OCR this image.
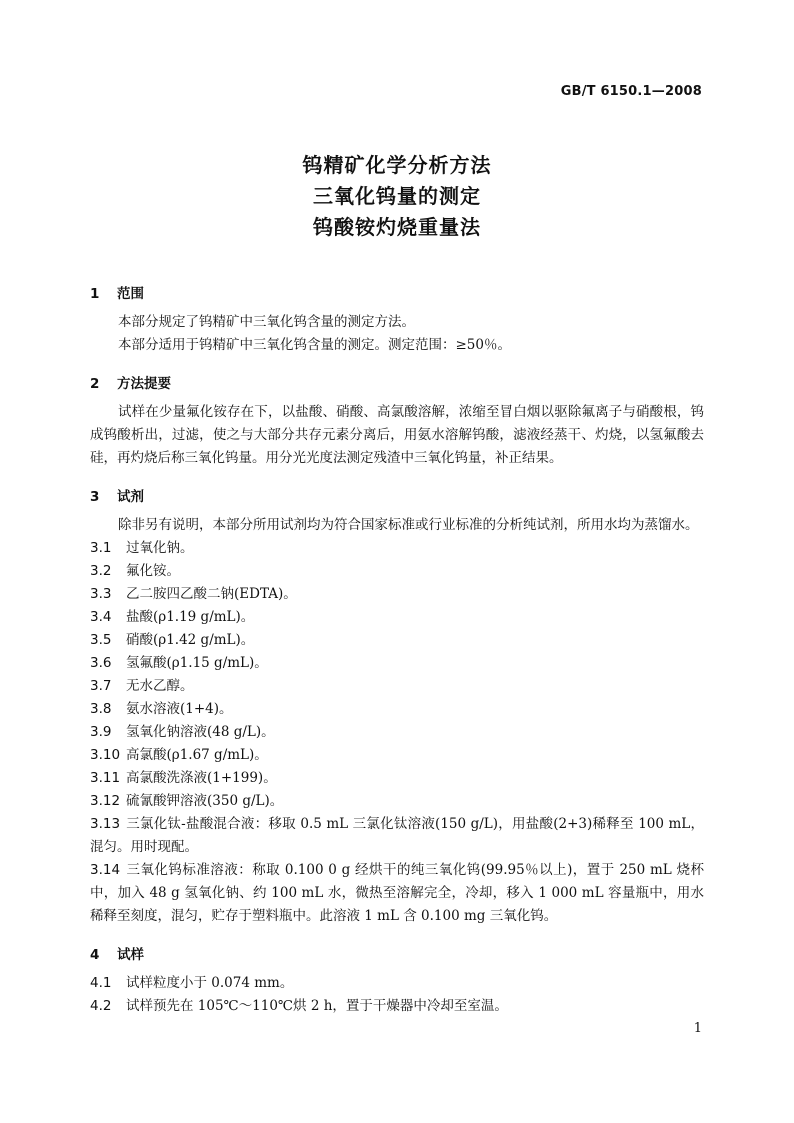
GB/T 6150.1—2008
钨精矿化学分析方法
三氧化钨量的测定
钨酸铵灼烧重量法
1 范围
本部分规定了钨精矿中三氧化钨含量的测定方法。
本部分适用于钨精矿中三氧化钨含量的测定。测定范围：≥50％。
2 方法提要
试样在少量氟化铵存在下，以盐酸、硝酸、高氯酸溶解，浓缩至冒白烟以驱除氟离子与硝酸根，钨成钨酸析出，过滤，使之与大部分共存元素分离后，用氨水溶解钨酸，滤液经蒸干、灼烧，以氢氟酸去硅，再灼烧后称三氧化钨量。用分光光度法测定残渣中三氧化钨量，补正结果。
3 试剂
除非另有说明，本部分所用试剂均为符合国家标准或行业标准的分析纯试剂，所用水均为蒸馏水。
3.1 过氧化钠。
3.2 氟化铵。
3.3 乙二胺四乙酸二钠(EDTA)。
3.4 盐酸(ρ1.19 g/mL)。
3.5 硝酸(ρ1.42 g/mL)。
3.6 氢氟酸(ρ1.15 g/mL)。
3.7 无水乙醇。
3.8 氨水溶液(1+4)。
3.9 氢氧化钠溶液(48 g/L)。
3.10 高氯酸(ρ1.67 g/mL)。
3.11 高氯酸洗涤液(1+199)。
3.12 硫氰酸钾溶液(350 g/L)。
3.13 三氯化钛-盐酸混合液：移取 0.5 mL 三氯化钛溶液(150 g/L)，用盐酸(2+3)稀释至 100 mL，混匀。用时现配。
3.14 三氧化钨标准溶液：称取 0.100 0 g 经烘干的纯三氧化钨(99.95％以上)，置于 250 mL 烧杯中，加入 48 g 氢氧化钠、约 100 mL 水，微热至溶解完全，冷却，移入 1 000 mL 容量瓶中，用水稀释至刻度，混匀，贮存于塑料瓶中。此溶液 1 mL 含 0.100 mg 三氧化钨。
4 试样
4.1 试样粒度小于 0.074 mm。
4.2 试样预先在 105℃～110℃烘 2 h，置于干燥器中冷却至室温。
1
